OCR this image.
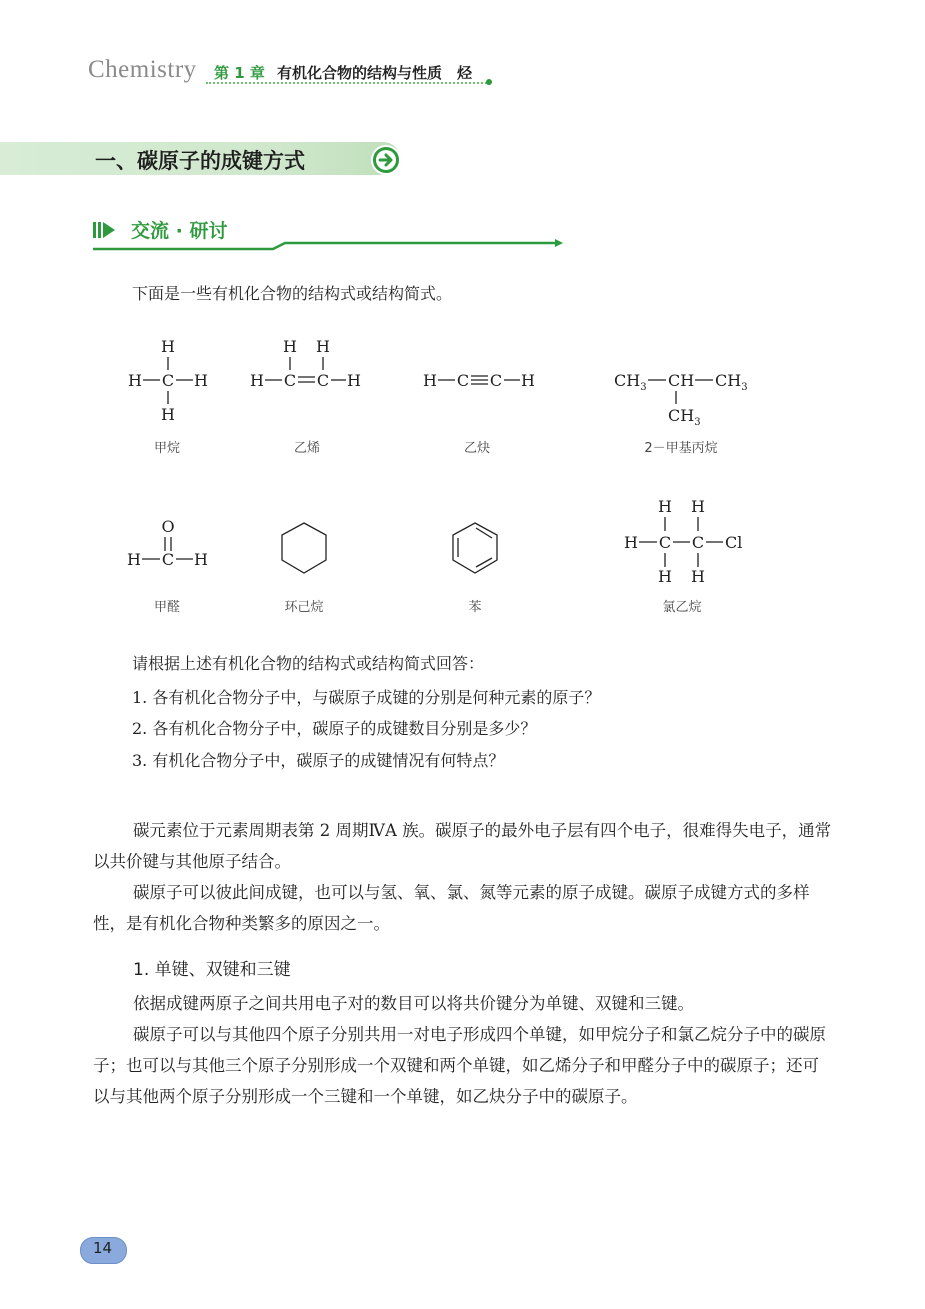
Chemistry 第 1 章 有机化合物的结构与性质　烃
一、碳原子的成键方式
交流 · 研讨
下面是一些有机化合物的结构式或结构简式。
H
H C H
H
H H
H C C H	H C C H	$CH_3$ CH $CH_3$
$CH_3$
O
H C H
H H
H C C Cl
H H
甲烷	乙烯	乙炔	2－甲基丙烷
甲醛	环己烷	苯	氯乙烷
请根据上述有机化合物的结构式或结构简式回答：
1. 各有机化合物分子中，与碳原子成键的分别是何种元素的原子？
2. 各有机化合物分子中，碳原子的成键数目分别是多少？
3. 有机化合物分子中，碳原子的成键情况有何特点？
碳元素位于元素周期表第 2 周期ⅣA 族。碳原子的最外电子层有四个电子，很难得失电子，通常以共价键与其他原子结合。
碳原子可以彼此间成键，也可以与氢、氧、氯、氮等元素的原子成键。碳原子成键方式的多样性，是有机化合物种类繁多的原因之一。
1. 单键、双键和三键
依据成键两原子之间共用电子对的数目可以将共价键分为单键、双键和三键。
碳原子可以与其他四个原子分别共用一对电子形成四个单键，如甲烷分子和氯乙烷分子中的碳原子；也可以与其他三个原子分别形成一个双键和两个单键，如乙烯分子和甲醛分子中的碳原子；还可以与其他两个原子分别形成一个三键和一个单键，如乙炔分子中的碳原子。
14
